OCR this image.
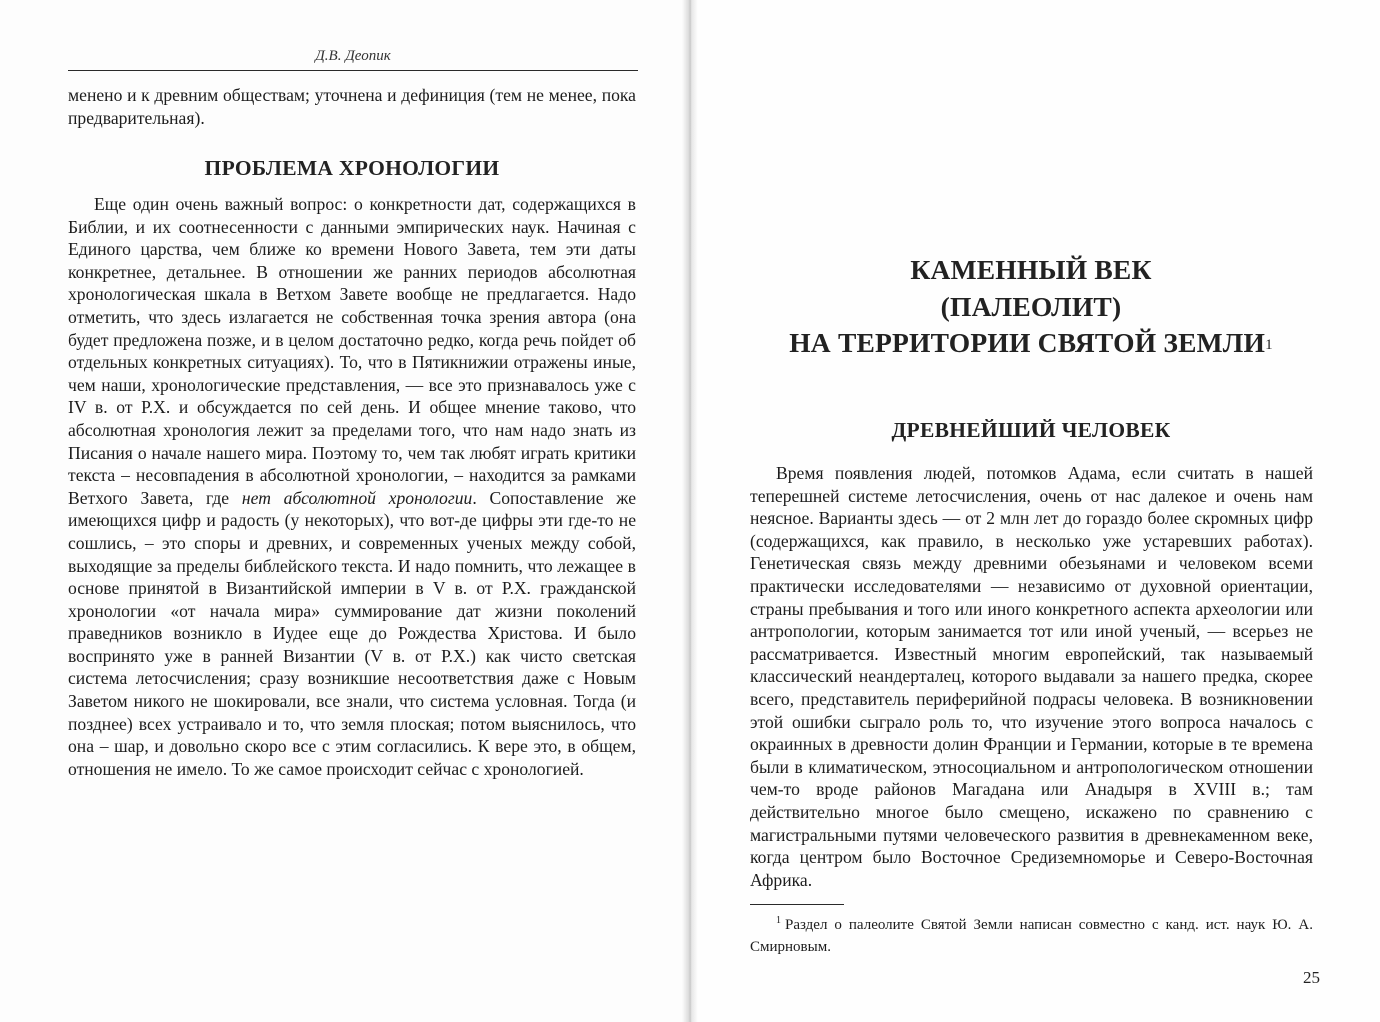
Д.В. Деопик

менено и к древним обществам; уточнена и дефиниция (тем не менее, пока предварительная).

ПРОБЛЕМА ХРОНОЛОГИИ

Еще один очень важный вопрос: о конкретности дат, содержащихся в Библии, и их соотнесенности с данными эмпирических наук. Начиная с Единого царства, чем ближе ко времени Нового Завета, тем эти даты конкретнее, детальнее. В отношении же ранних периодов абсолютная хронологическая шкала в Ветхом Завете вообще не предлагается. Надо отметить, что здесь излагается не собственная точка зрения автора (она будет предложена позже, и в целом достаточно редко, когда речь пойдет об отдельных конкретных ситуациях). То, что в Пятикнижии отражены иные, чем наши, хронологические представления, — все это признавалось уже с IV в. от Р.Х. и обсуждается по сей день. И общее мнение таково, что абсолютная хронология лежит за пределами того, что нам надо знать из Писания о начале нашего мира. Поэтому то, чем так любят играть критики текста – несовпадения в абсолютной хронологии, – находится за рамками Ветхого Завета, где нет абсолютной хронологии. Сопоставление же имеющихся цифр и радость (у некоторых), что вот-де цифры эти где-то не сошлись, – это споры и древних, и современных ученых между собой, выходящие за пределы библейского текста. И надо помнить, что лежащее в основе принятой в Византийской империи в V в. от Р.Х. гражданской хронологии «от начала мира» суммирование дат жизни поколений праведников возникло в Иудее еще до Рождества Христова. И было воспринято уже в ранней Византии (V в. от Р.Х.) как чисто светская система летосчисления; сразу возникшие несоответствия даже с Новым Заветом никого не шокировали, все знали, что система условная. Тогда (и позднее) всех устраивало и то, что земля плоская; потом выяснилось, что она – шар, и довольно скоро все с этим согласились. К вере это, в общем, отношения не имело. То же самое происходит сейчас с хронологией.

КАМЕННЫЙ ВЕК
(ПАЛЕОЛИТ)
НА ТЕРРИТОРИИ СВЯТОЙ ЗЕМЛИ$^1$
ДРЕВНЕЙШИЙ ЧЕЛОВЕК

Время появления людей, потомков Адама, если считать в нашей теперешней системе летосчисления, очень от нас далекое и очень нам неясное. Варианты здесь — от 2 млн лет до гораздо более скромных цифр (содержащихся, как правило, в несколько уже устаревших работах). Генетическая связь между древними обезьянами и человеком всеми практически исследователями — независимо от духовной ориентации, страны пребывания и того или иного конкретного аспекта археологии или антропологии, которым занимается тот или иной ученый, — всерьез не рассматривается. Известный многим европейский, так называемый классический неандерталец, которого выдавали за нашего предка, скорее всего, представитель периферийной подрасы человека. В возникновении этой ошибки сыграло роль то, что изучение этого вопроса началось с окраинных в древности долин Франции и Германии, которые в те времена были в климатическом, этносоциальном и антропологическом отношении чем-то вроде районов Магадана или Анадыря в XVIII в.; там действительно многое было смещено, искажено по сравнению с магистральными путями человеческого развития в древнекаменном веке, когда центром было Восточное Средиземноморье и Северо-Восточная Африка.

$^1$ Раздел о палеолите Святой Земли написан совместно с канд. ист. наук Ю. А. Смирновым.
25
